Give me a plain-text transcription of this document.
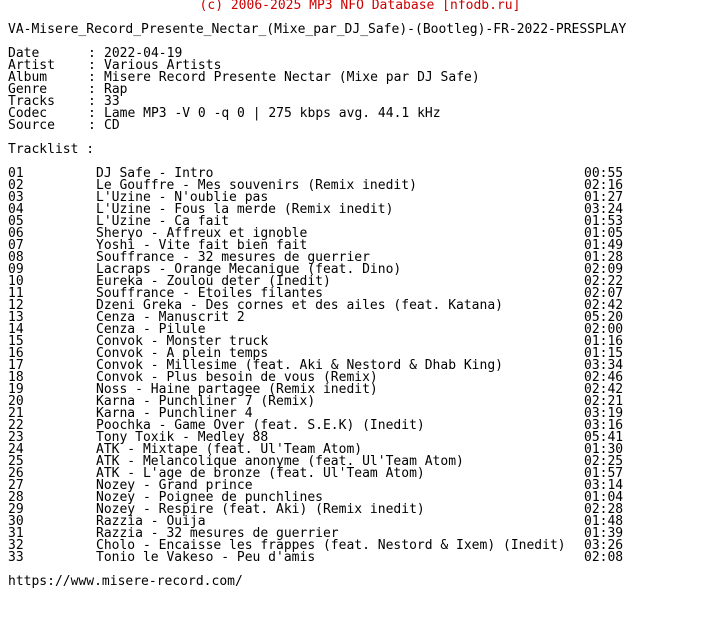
(c) 2006-2025 MP3 NFO Database [nfodb.ru]
VA-Misere_Record_Presente_Nectar_(Mixe_par_DJ_Safe)-(Bootleg)-FR-2022-PRESSPLAY
Date	: 2022-04-19
Artist	: Various Artists
Album	: Misere Record Presente Nectar (Mixe par DJ Safe)
Genre	: Rap
Tracks	: 33
Codec	: Lame MP3 -V 0 -q 0 | 275 kbps avg. 44.1 kHz
Source	: CD
Tracklist :
01	DJ Safe - Intro	00:55
02	Le Gouffre - Mes souvenirs (Remix inedit)	02:16
03	L'Uzine - N'oublie pas	01:27
04	L'Uzine - Fous la merde (Remix inedit)	03:24
05	L'Uzine - Ca fait	01:53
06	Sheryo - Affreux et ignoble	01:05
07	Yoshi - Vite fait bien fait	01:49
08	Souffrance - 32 mesures de guerrier	01:28
09	Lacraps - Orange Mecanique (feat. Dino)	02:09
10	Eureka - Zoulou deter (Inedit)	02:22
11	Souffrance - Etoiles filantes	02:07
12	Dzeni Greka - Des cornes et des ailes (feat. Katana)	02:42
13	Cenza - Manuscrit 2	05:20
14	Cenza - Pilule	02:00
15	Convok - Monster truck	01:16
16	Convok - A plein temps	01:15
17	Convok - Millesime (feat. Aki & Nestord & Dhab King)	03:34
18	Convok - Plus besoin de vous (Remix)	02:46
19	Noss - Haine partagee (Remix inedit)	02:42
20	Karna - Punchliner 7 (Remix)	02:21
21	Karna - Punchliner 4	03:19
22	Poochka - Game Over (feat. S.E.K) (Inedit)	03:16
23	Tony Toxik - Medley 88	05:41
24	ATK - Mixtape (feat. Ul'Team Atom)	01:30
25	ATK - Melancolique anonyme (feat. Ul'Team Atom)	02:25
26	ATK - L'age de bronze (feat. Ul'Team Atom)	01:57
27	Nozey - Grand prince	03:14
28	Nozey - Poignee de punchlines	01:04
29	Nozey - Respire (feat. Aki) (Remix inedit)	02:28
30	Razzia - Ouija	01:48
31	Razzia - 32 mesures de guerrier	01:39
32	Cholo - Encaisse les frappes (feat. Nestord & Ixem) (Inedit) 03:26
33	Tonio le Vakeso - Peu d'amis	02:08
https://www.misere-record.com/
